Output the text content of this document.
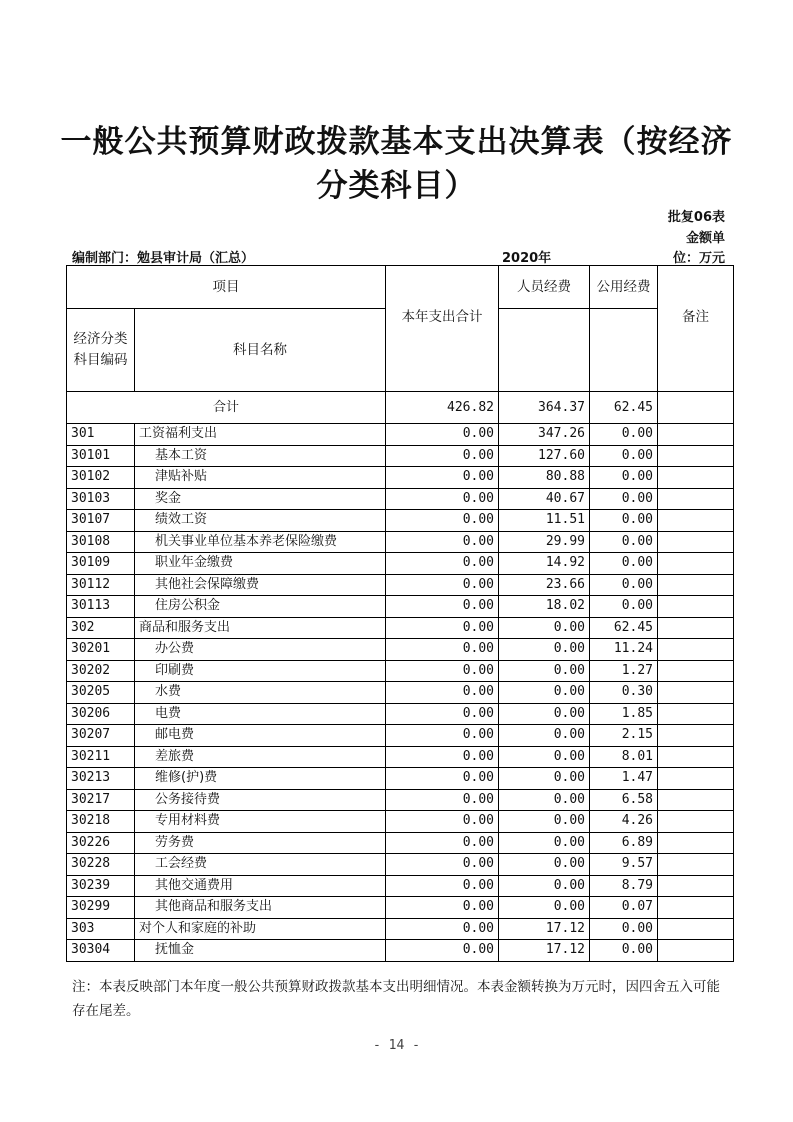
一般公共预算财政拨款基本支出决算表（按经济分类科目）
批复06表
金额单
编制部门：勉县审计局（汇总）	2020年	位：万元
项目		本年支出合计	人员经费	公用经费	备注

经济分类科目编码	科目名称				
合计		426.82	364.37	62.45	
301	工资福利支出	0.00	347.26	0.00	
30101	基本工资	0.00	127.60	0.00	
30102	津贴补贴	0.00	80.88	0.00	
30103	奖金	0.00	40.67	0.00	
30107	绩效工资	0.00	11.51	0.00	
30108	机关事业单位基本养老保险缴费	0.00	29.99	0.00	
30109	职业年金缴费	0.00	14.92	0.00	
30112	其他社会保障缴费	0.00	23.66	0.00	
30113	住房公积金	0.00	18.02	0.00	
302	商品和服务支出	0.00	0.00	62.45	
30201	办公费	0.00	0.00	11.24	
30202	印刷费	0.00	0.00	1.27	
30205	水费	0.00	0.00	0.30	
30206	电费	0.00	0.00	1.85	
30207	邮电费	0.00	0.00	2.15	
30211	差旅费	0.00	0.00	8.01	
30213	维修(护)费	0.00	0.00	1.47	
30217	公务接待费	0.00	0.00	6.58	
30218	专用材料费	0.00	0.00	4.26	
30226	劳务费	0.00	0.00	6.89	
30228	工会经费	0.00	0.00	9.57	
30239	其他交通费用	0.00	0.00	8.79	
30299	其他商品和服务支出	0.00	0.00	0.07	
303	对个人和家庭的补助	0.00	17.12	0.00	
30304	抚恤金	0.00	17.12	0.00	
注：本表反映部门本年度一般公共预算财政拨款基本支出明细情况。本表金额转换为万元时，因四舍五入可能存在尾差。
- 14 -
